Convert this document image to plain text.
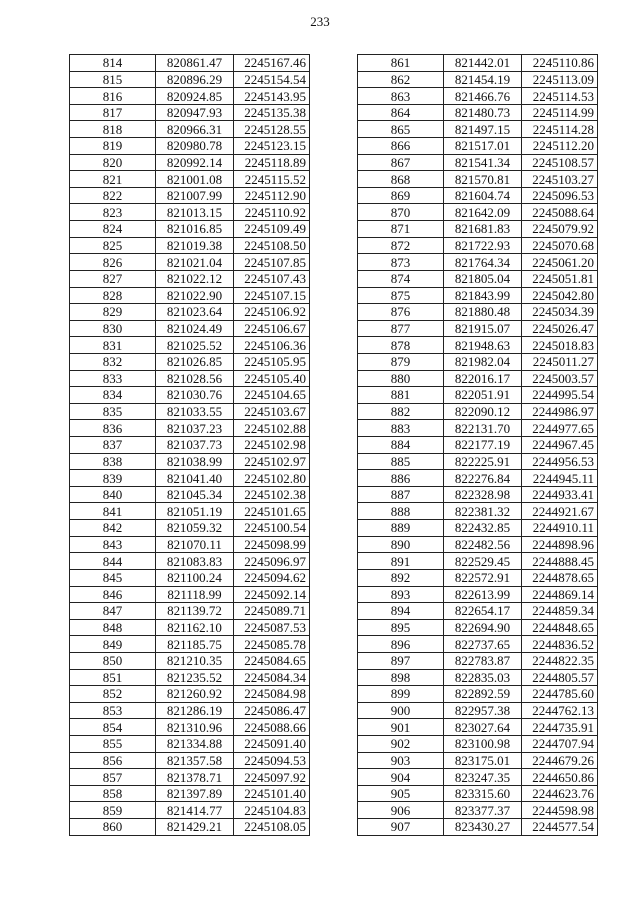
233
814	820861.47	2245167.46
815	820896.29	2245154.54
816	820924.85	2245143.95
817	820947.93	2245135.38
818	820966.31	2245128.55
819	820980.78	2245123.15
820	820992.14	2245118.89
821	821001.08	2245115.52
822	821007.99	2245112.90
823	821013.15	2245110.92
824	821016.85	2245109.49
825	821019.38	2245108.50
826	821021.04	2245107.85
827	821022.12	2245107.43
828	821022.90	2245107.15
829	821023.64	2245106.92
830	821024.49	2245106.67
831	821025.52	2245106.36
832	821026.85	2245105.95
833	821028.56	2245105.40
834	821030.76	2245104.65
835	821033.55	2245103.67
836	821037.23	2245102.88
837	821037.73	2245102.98
838	821038.99	2245102.97
839	821041.40	2245102.80
840	821045.34	2245102.38
841	821051.19	2245101.65
842	821059.32	2245100.54
843	821070.11	2245098.99
844	821083.83	2245096.97
845	821100.24	2245094.62
846	821118.99	2245092.14
847	821139.72	2245089.71
848	821162.10	2245087.53
849	821185.75	2245085.78
850	821210.35	2245084.65
851	821235.52	2245084.34
852	821260.92	2245084.98
853	821286.19	2245086.47
854	821310.96	2245088.66
855	821334.88	2245091.40
856	821357.58	2245094.53
857	821378.71	2245097.92
858	821397.89	2245101.40
859	821414.77	2245104.83
860	821429.21	2245108.05
861	821442.01	2245110.86
862	821454.19	2245113.09
863	821466.76	2245114.53
864	821480.73	2245114.99
865	821497.15	2245114.28
866	821517.01	2245112.20
867	821541.34	2245108.57
868	821570.81	2245103.27
869	821604.74	2245096.53
870	821642.09	2245088.64
871	821681.83	2245079.92
872	821722.93	2245070.68
873	821764.34	2245061.20
874	821805.04	2245051.81
875	821843.99	2245042.80
876	821880.48	2245034.39
877	821915.07	2245026.47
878	821948.63	2245018.83
879	821982.04	2245011.27
880	822016.17	2245003.57
881	822051.91	2244995.54
882	822090.12	2244986.97
883	822131.70	2244977.65
884	822177.19	2244967.45
885	822225.91	2244956.53
886	822276.84	2244945.11
887	822328.98	2244933.41
888	822381.32	2244921.67
889	822432.85	2244910.11
890	822482.56	2244898.96
891	822529.45	2244888.45
892	822572.91	2244878.65
893	822613.99	2244869.14
894	822654.17	2244859.34
895	822694.90	2244848.65
896	822737.65	2244836.52
897	822783.87	2244822.35
898	822835.03	2244805.57
899	822892.59	2244785.60
900	822957.38	2244762.13
901	823027.64	2244735.91
902	823100.98	2244707.94
903	823175.01	2244679.26
904	823247.35	2244650.86
905	823315.60	2244623.76
906	823377.37	2244598.98
907	823430.27	2244577.54
